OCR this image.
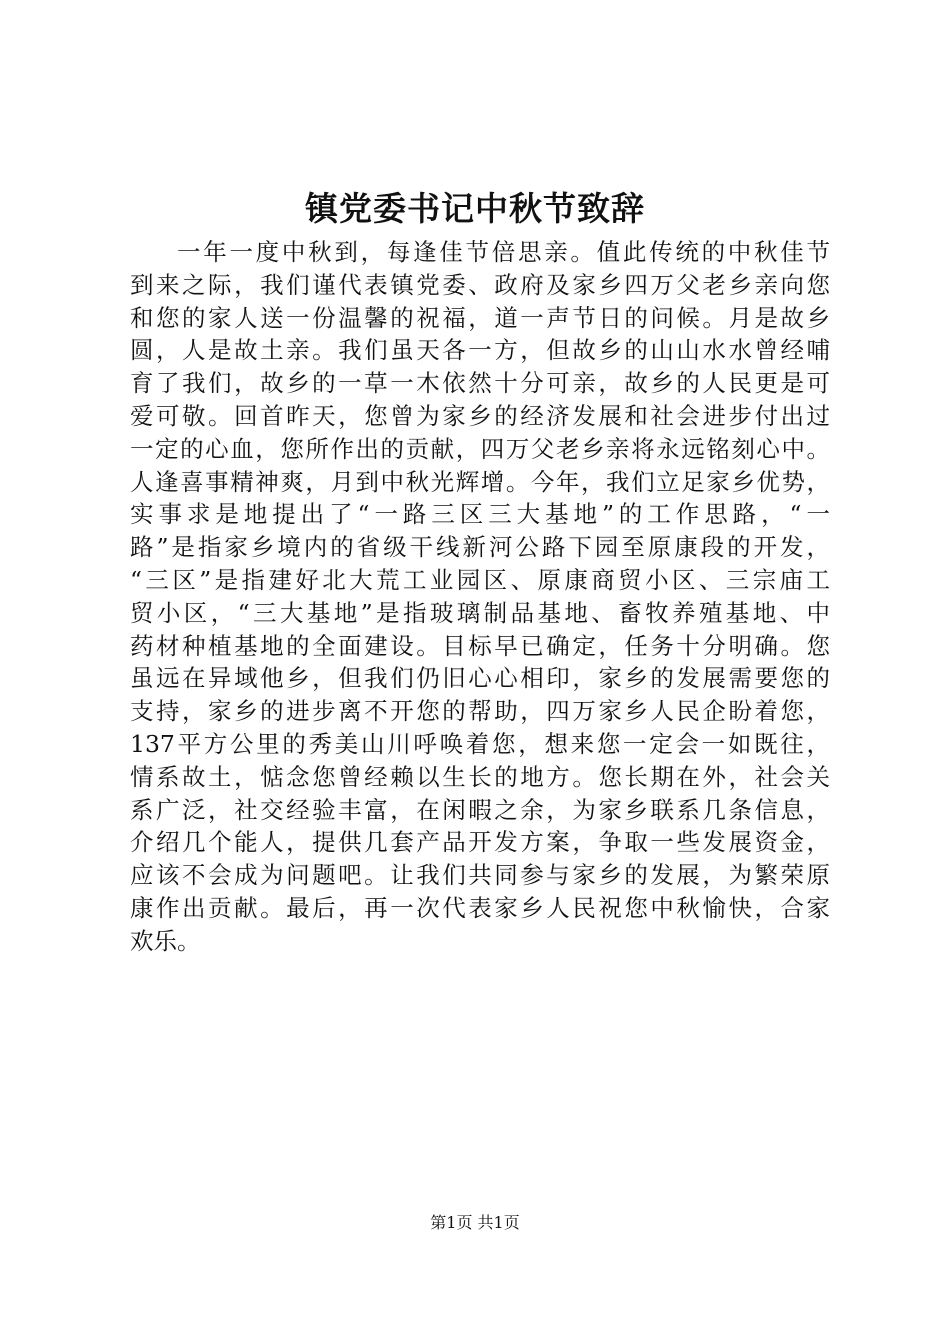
镇党委书记中秋节致辞
一年一度中秋到，每逢佳节倍思亲。值此传统的中秋佳节
到来之际，我们谨代表镇党委、政府及家乡四万父老乡亲向您
和您的家人送一份温馨的祝福，道一声节日的问候。月是故乡
圆，人是故土亲。我们虽天各一方，但故乡的山山水水曾经哺
育了我们，故乡的一草一木依然十分可亲，故乡的人民更是可
爱可敬。回首昨天，您曾为家乡的经济发展和社会进步付出过
一定的心血，您所作出的贡献，四万父老乡亲将永远铭刻心中。
人逢喜事精神爽，月到中秋光辉增。今年，我们立足家乡优势，
实事求是地提出了“一路三区三大基地”的工作思路，“一
路”是指家乡境内的省级干线新河公路下园至原康段的开发，
“三区”是指建好北大荒工业园区、原康商贸小区、三宗庙工
贸小区，“三大基地”是指玻璃制品基地、畜牧养殖基地、中
药材种植基地的全面建设。目标早已确定，任务十分明确。您
虽远在异域他乡，但我们仍旧心心相印，家乡的发展需要您的
支持，家乡的进步离不开您的帮助，四万家乡人民企盼着您，
137平方公里的秀美山川呼唤着您，想来您一定会一如既往，
情系故土，惦念您曾经赖以生长的地方。您长期在外，社会关
系广泛，社交经验丰富，在闲暇之余，为家乡联系几条信息，
介绍几个能人，提供几套产品开发方案，争取一些发展资金，
应该不会成为问题吧。让我们共同参与家乡的发展，为繁荣原
康作出贡献。最后，再一次代表家乡人民祝您中秋愉快，合家
欢乐。
第1页 共1页
